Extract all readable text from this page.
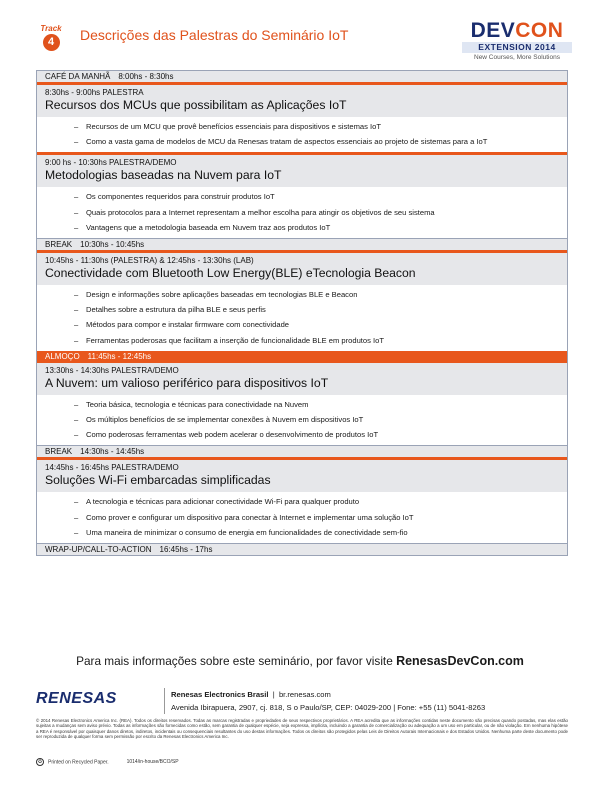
Track
4	Descrições das Palestras do Seminário IoT	DEVCON
EXTENSION 2014
New Courses, More Solutions
CAFÉ DA MANHÃ 8:00hs - 8:30hs
8:30hs - 9:00hs PALESTRA
Recursos dos MCUs que possibilitam as Aplicações IoT
– Recursos de um MCU que provê benefícios essenciais para dispositivos e sistemas IoT
– Como a vasta gama de modelos de MCU da Renesas tratam de aspectos essenciais ao projeto de sistemas para a IoT
9:00 hs - 10:30hs PALESTRA/DEMO
Metodologias baseadas na Nuvem para IoT
– Os componentes requeridos para construir produtos IoT
– Quais protocolos para a Internet representam a melhor escolha para atingir os objetivos de seu sistema
– Vantagens que a metodologia baseada em Nuvem traz aos produtos IoT
BREAK 10:30hs - 10:45hs
10:45hs - 11:30hs (PALESTRA) & 12:45hs - 13:30hs (LAB)
Conectividade com Bluetooth Low Energy(BLE) eTecnologia Beacon
– Design e informações sobre aplicações baseadas em tecnologias BLE e Beacon
– Detalhes sobre a estrutura da pilha BLE e seus perfis
– Métodos para compor e instalar firmware com conectividade
– Ferramentas poderosas que facilitam a inserção de funcionalidade BLE em produtos IoT
ALMOÇO 11:45hs - 12:45hs
13:30hs - 14:30hs PALESTRA/DEMO
A Nuvem: um valioso periférico para dispositivos IoT
– Teoria básica, tecnologia e técnicas para conectividade na Nuvem
– Os múltiplos benefícios de se implementar conexões à Nuvem em dispositivos IoT
– Como poderosas ferramentas web podem acelerar o desenvolvimento de produtos IoT
BREAK 14:30hs - 14:45hs
14:45hs - 16:45hs PALESTRA/DEMO
Soluções Wi-Fi embarcadas simplificadas
– A tecnologia e técnicas para adicionar conectividade Wi-Fi para qualquer produto
– Como prover e configurar um dispositivo para conectar à Internet e implementar uma solução IoT
– Uma maneira de minimizar o consumo de energia em funcionalidades de conectividade sem-fio
WRAP-UP/CALL-TO-ACTION 16:45hs - 17hs
Para mais informações sobre este seminário, por favor visite RenesasDevCon.com
RENESAS	Renesas Electronics Brasil  |  br.renesas.com
Avenida Ibirapuera, 2907, cj. 818, S o Paulo/SP, CEP: 04029-200 | Fone: +55 (11) 5041-8263
© 2014 Renesas Electronics America Inc. (REA). Todos os direitos reservados. Todas as marcas registradas e propriedades de seus respectivos proprietários. A REA acredita que as informações contidas neste documento são precisas quando postadas, mas elas estão sujeitas a mudanças sem aviso prévio. Todas as informações são fornecidas como estão, sem garantia de qualquer espécie, seja expressa, implícita, incluindo a garantia de comercialização ou adequação a um uso em particular, ou de não violação. Em nenhuma hipótese a REA é responsável por quaisquer danos diretos, indiretos, incidentais ou consequenciais resultantes do uso destas informações. Todos os direitos são protegidos pelas Leis de Direitos Autorais Internacionais e dos Estados Unidos. Nenhuma parte deste documento pode ser reproduzida de qualquer forma sem permissão por escrito da Renesas Electronics America Inc.
♻ Printed on Recycled Paper.	1014/in-house/BCO/SP
